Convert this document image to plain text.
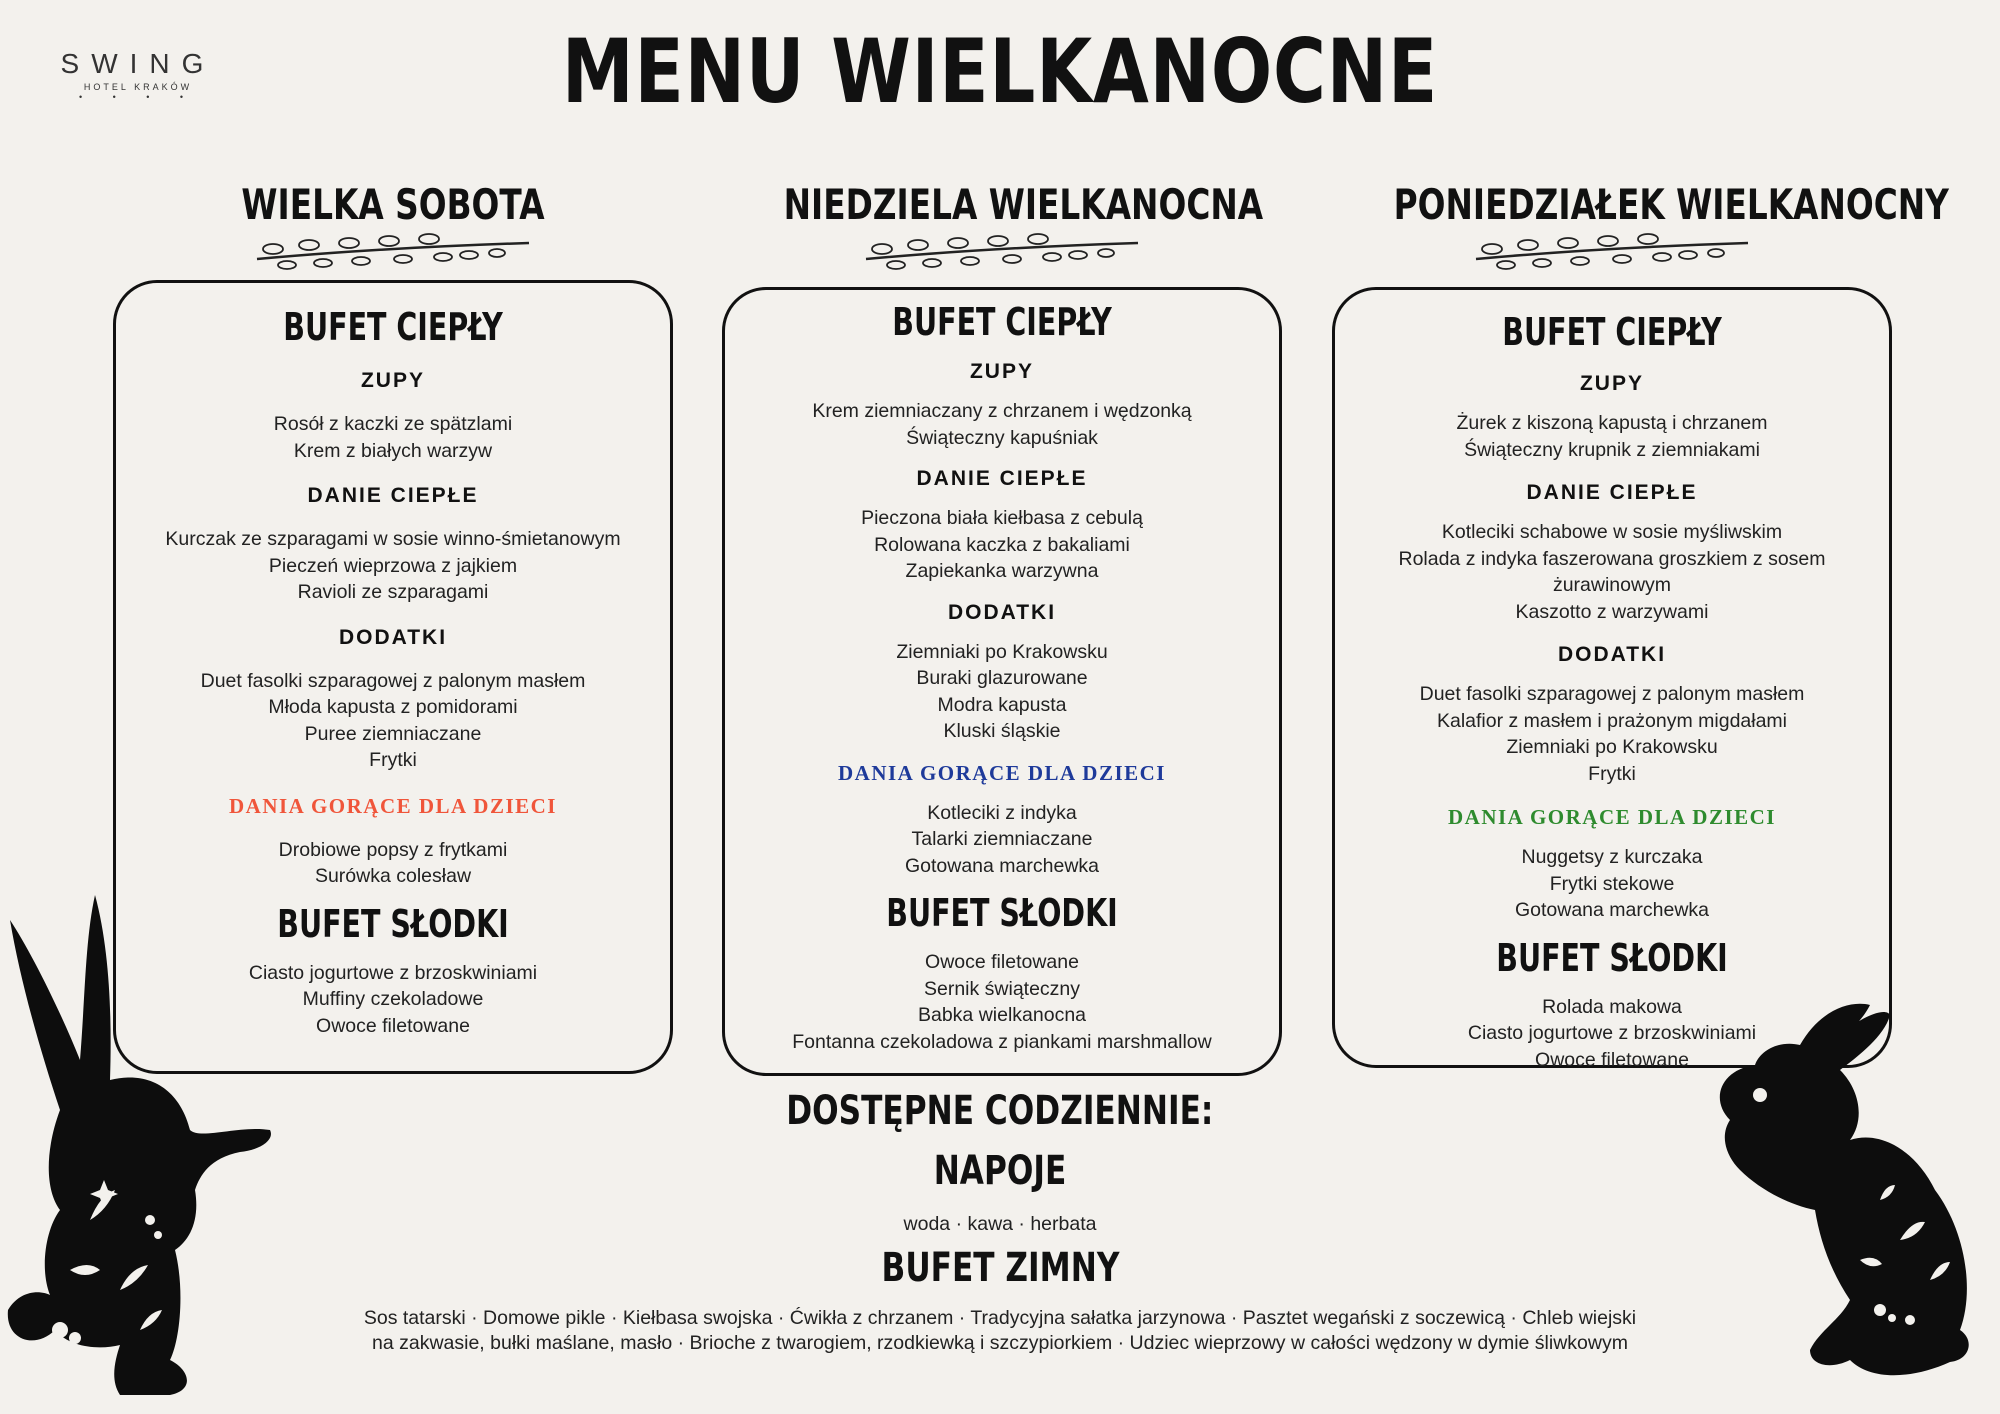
SWING
HOTEL KRAKÓW
• • • •	MENU WIELKANOCNE
WIELKA SOBOTA
BUFET CIEPŁY
ZUPY
Rosół z kaczki ze spätzlami
Krem z białych warzyw
DANIE CIEPŁE
Kurczak ze szparagami w sosie winno-śmietanowym
Pieczeń wieprzowa z jajkiem
Ravioli ze szparagami
DODATKI
Duet fasolki szparagowej z palonym masłem
Młoda kapusta z pomidorami
Puree ziemniaczane
Frytki
DANIA GORĄCE DLA DZIECI
Drobiowe popsy z frytkami
Surówka colesław
BUFET SŁODKI
Ciasto jogurtowe z brzoskwiniami
Muffiny czekoladowe
Owoce filetowane
NIEDZIELA WIELKANOCNA
BUFET CIEPŁY
ZUPY
Krem ziemniaczany z chrzanem i wędzonką
Świąteczny kapuśniak
DANIE CIEPŁE
Pieczona biała kiełbasa z cebulą
Rolowana kaczka z bakaliami
Zapiekanka warzywna
DODATKI
Ziemniaki po Krakowsku
Buraki glazurowane
Modra kapusta
Kluski śląskie
DANIA GORĄCE DLA DZIECI
Kotleciki z indyka
Talarki ziemniaczane
Gotowana marchewka
BUFET SŁODKI
Owoce filetowane
Sernik świąteczny
Babka wielkanocna
Fontanna czekoladowa z piankami marshmallow
PONIEDZIAŁEK WIELKANOCNY
BUFET CIEPŁY
ZUPY
Żurek z kiszoną kapustą i chrzanem
Świąteczny krupnik z ziemniakami
DANIE CIEPŁE
Kotleciki schabowe w sosie myśliwskim
Rolada z indyka faszerowana groszkiem z sosem
żurawinowym
Kaszotto z warzywami
DODATKI
Duet fasolki szparagowej z palonym masłem
Kalafior z masłem i prażonym migdałami
Ziemniaki po Krakowsku
Frytki
DANIA GORĄCE DLA DZIECI
Nuggetsy z kurczaka
Frytki stekowe
Gotowana marchewka
BUFET SŁODKI
Rolada makowa
Ciasto jogurtowe z brzoskwiniami
Owoce filetowane
DOSTĘPNE CODZIENNIE:
NAPOJE
woda · kawa · herbata
BUFET ZIMNY
Sos tatarski · Domowe pikle · Kiełbasa swojska · Ćwikła z chrzanem · Tradycyjna sałatka jarzynowa · Pasztet wegański z soczewicą · Chleb wiejski
na zakwasie, bułki maślane, masło · Brioche z twarogiem, rzodkiewką i szczypiorkiem · Udziec wieprzowy w całości wędzony w dymie śliwkowym
